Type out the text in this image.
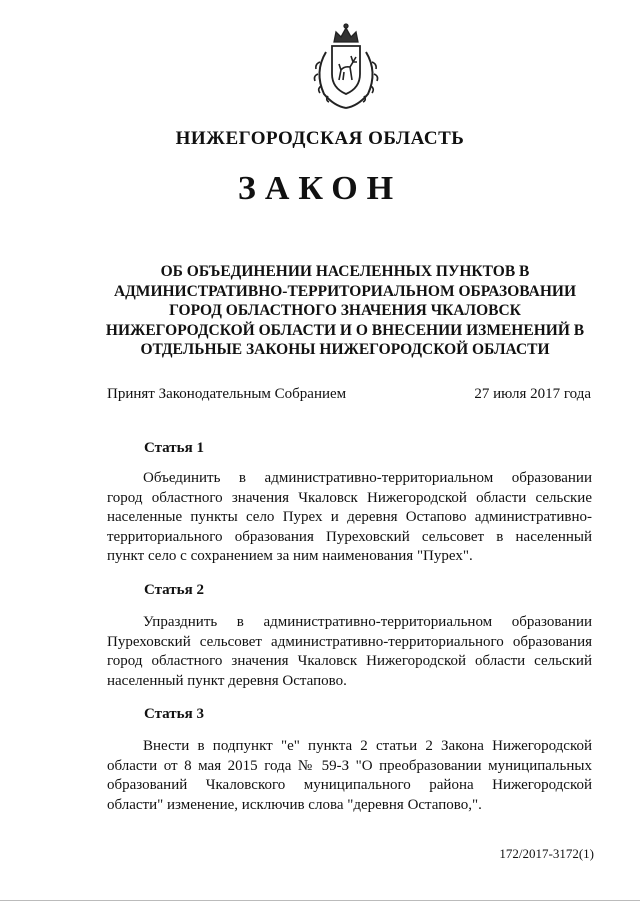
НИЖЕГОРОДСКАЯ ОБЛАСТЬ
ЗАКОН
ОБ ОБЪЕДИНЕНИИ НАСЕЛЕННЫХ ПУНКТОВ В
АДМИНИСТРАТИВНО-ТЕРРИТОРИАЛЬНОМ ОБРАЗОВАНИИ
ГОРОД ОБЛАСТНОГО ЗНАЧЕНИЯ ЧКАЛОВСК
НИЖЕГОРОДСКОЙ ОБЛАСТИ И О ВНЕСЕНИИ ИЗМЕНЕНИЙ В
ОТДЕЛЬНЫЕ ЗАКОНЫ НИЖЕГОРОДСКОЙ ОБЛАСТИ
Принят Законодательным Собранием	27 июля 2017 года
Статья 1
Объединить в административно-территориальном образовании
город областного значения Чкаловск Нижегородской области сельские
населенные пункты село Пурех и деревня Остапово административно-
территориального образования Пуреховский сельсовет в населенный
пункт село с сохранением за ним наименования "Пурех".
Статья 2
Упразднить в административно-территориальном образовании
Пуреховский сельсовет административно-территориального образования
город областного значения Чкаловск Нижегородской области сельский
населенный пункт деревня Остапово.
Статья 3
Внести в подпункт "е" пункта 2 статьи 2 Закона Нижегородской
области от 8 мая 2015 года № 59-З "О преобразовании муниципальных
образований Чкаловского муниципального района Нижегородской
области" изменение, исключив слова "деревня Остапово,".
172/2017-3172(1)
